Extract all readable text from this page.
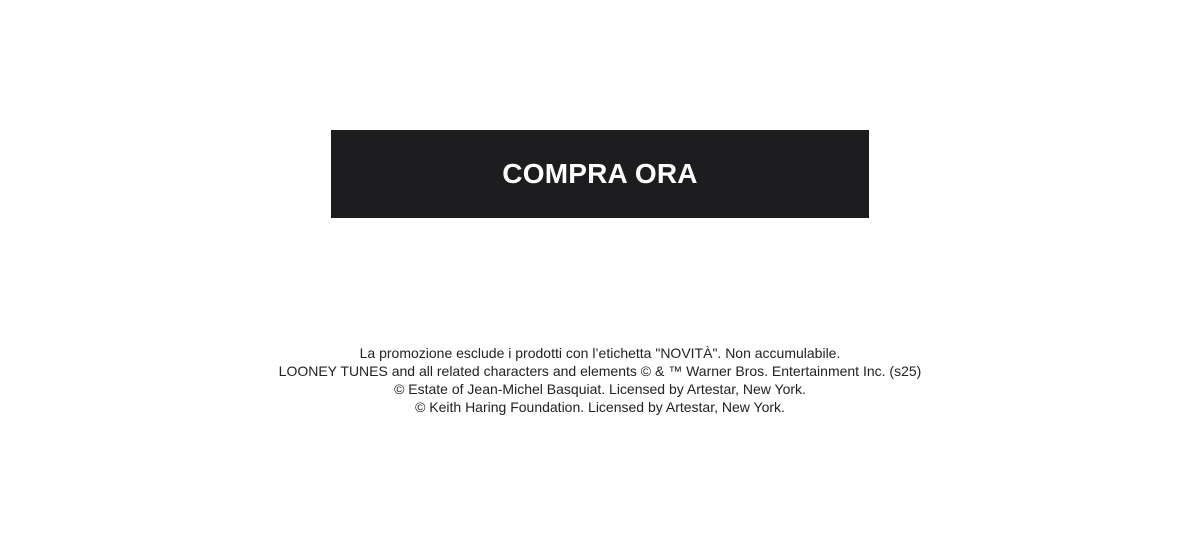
COMPRA ORA

La promozione esclude i prodotti con l’etichetta "NOVITÀ". Non accumulabile.

LOONEY TUNES and all related characters and elements © & ™ Warner Bros. Entertainment Inc. (s25)

© Estate of Jean-Michel Basquiat. Licensed by Artestar, New York.

© Keith Haring Foundation. Licensed by Artestar, New York.
